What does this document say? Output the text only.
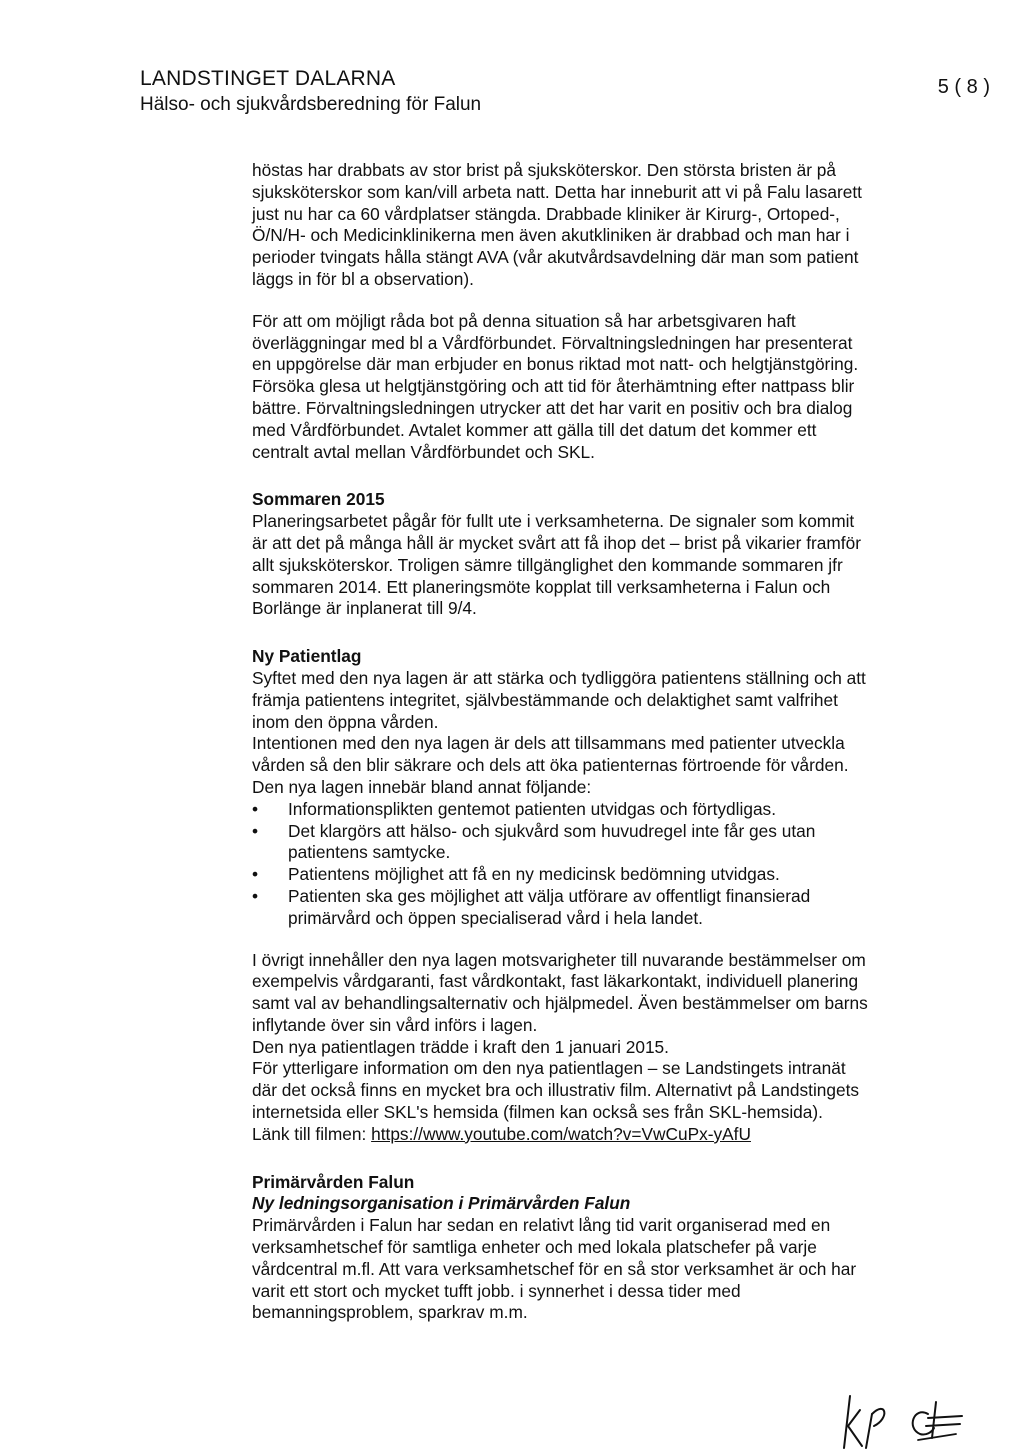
LANDSTINGET DALARNA
Hälso- och sjukvårdsberedning för Falun
5 ( 8 )

höstas har drabbats av stor brist på sjuksköterskor. Den största bristen är på
sjuksköterskor som kan/vill arbeta natt. Detta har inneburit att vi på Falu lasarett
just nu har ca 60 vårdplatser stängda. Drabbade kliniker är Kirurg-, Ortoped-,
Ö/N/H- och Medicinklinikerna men även akutkliniken är drabbad och man har i
perioder tvingats hålla stängt AVA (vår akutvårdsavdelning där man som patient
läggs in för bl a observation).

För att om möjligt råda bot på denna situation så har arbetsgivaren haft
överläggningar med bl a Vårdförbundet. Förvaltningsledningen har presenterat
en uppgörelse där man erbjuder en bonus riktad mot natt- och helgtjänstgöring.
Försöka glesa ut helgtjänstgöring och att tid för återhämtning efter nattpass blir
bättre. Förvaltningsledningen utrycker att det har varit en positiv och bra dialog
med Vårdförbundet. Avtalet kommer att gälla till det datum det kommer ett
centralt avtal mellan Vårdförbundet och SKL.

Sommaren 2015

Planeringsarbetet pågår för fullt ute i verksamheterna. De signaler som kommit
är att det på många håll är mycket svårt att få ihop det – brist på vikarier framför
allt sjuksköterskor. Troligen sämre tillgänglighet den kommande sommaren jfr
sommaren 2014. Ett planeringsmöte kopplat till verksamheterna i Falun och
Borlänge är inplanerat till 9/4.

Ny Patientlag

Syftet med den nya lagen är att stärka och tydliggöra patientens ställning och att
främja patientens integritet, självbestämmande och delaktighet samt valfrihet
inom den öppna vården.
Intentionen med den nya lagen är dels att tillsammans med patienter utveckla
vården så den blir säkrare och dels att öka patienternas förtroende för vården.
Den nya lagen innebär bland annat följande:

• Informationsplikten gentemot patienten utvidgas och förtydligas.
• Det klargörs att hälso- och sjukvård som huvudregel inte får ges utan
patientens samtycke.
• Patientens möjlighet att få en ny medicinsk bedömning utvidgas.
• Patienten ska ges möjlighet att välja utförare av offentligt finansierad
primärvård och öppen specialiserad vård i hela landet.

I övrigt innehåller den nya lagen motsvarigheter till nuvarande bestämmelser om
exempelvis vårdgaranti, fast vårdkontakt, fast läkarkontakt, individuell planering
samt val av behandlingsalternativ och hjälpmedel. Även bestämmelser om barns
inflytande över sin vård införs i lagen.
Den nya patientlagen trädde i kraft den 1 januari 2015.
För ytterligare information om den nya patientlagen – se Landstingets intranät
där det också finns en mycket bra och illustrativ film. Alternativt på Landstingets
internetsida eller SKL's hemsida (filmen kan också ses från SKL-hemsida).
Länk till filmen: https://www.youtube.com/watch?v=VwCuPx-yAfU

Primärvården Falun

Ny ledningsorganisation i Primärvården Falun

Primärvården i Falun har sedan en relativt lång tid varit organiserad med en
verksamhetschef för samtliga enheter och med lokala platschefer på varje
vårdcentral m.fl. Att vara verksamhetschef för en så stor verksamhet är och har
varit ett stort och mycket tufft jobb. i synnerhet i dessa tider med
bemanningsproblem, sparkrav m.m.
